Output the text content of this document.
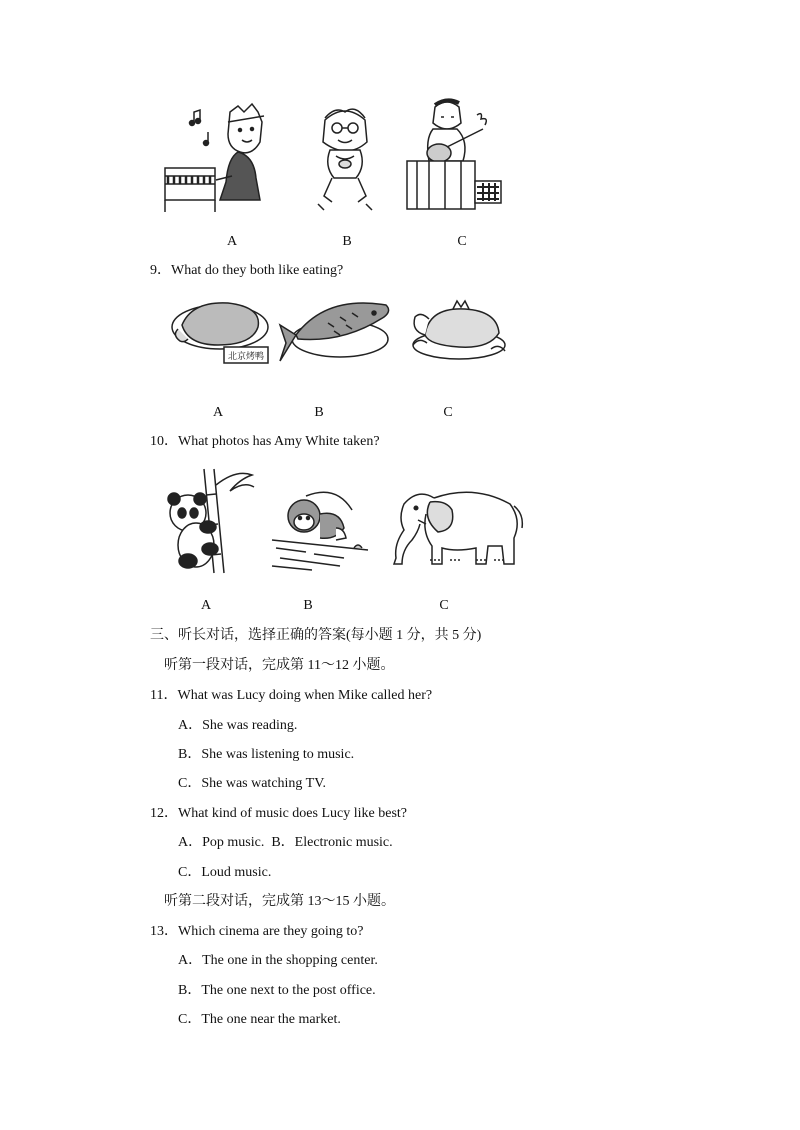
A	B	C
9．What do they both like eating?
北京烤鸭
A	B	C
10．What photos has Amy White taken?
A	B	C
三、听长对话，选择正确的答案(每小题 1 分，共 5 分)
听第一段对话，完成第 11～12 小题。
11．What was Lucy doing when Mike called her?
A．She was reading.
B．She was listening to music.
C．She was watching TV.
12．What kind of music does Lucy like best?
A．Pop music.  B．Electronic music.
C．Loud music.
听第二段对话，完成第 13～15 小题。
13．Which cinema are they going to?
A．The one in the shopping center.
B．The one next to the post office.
C．The one near the market.
